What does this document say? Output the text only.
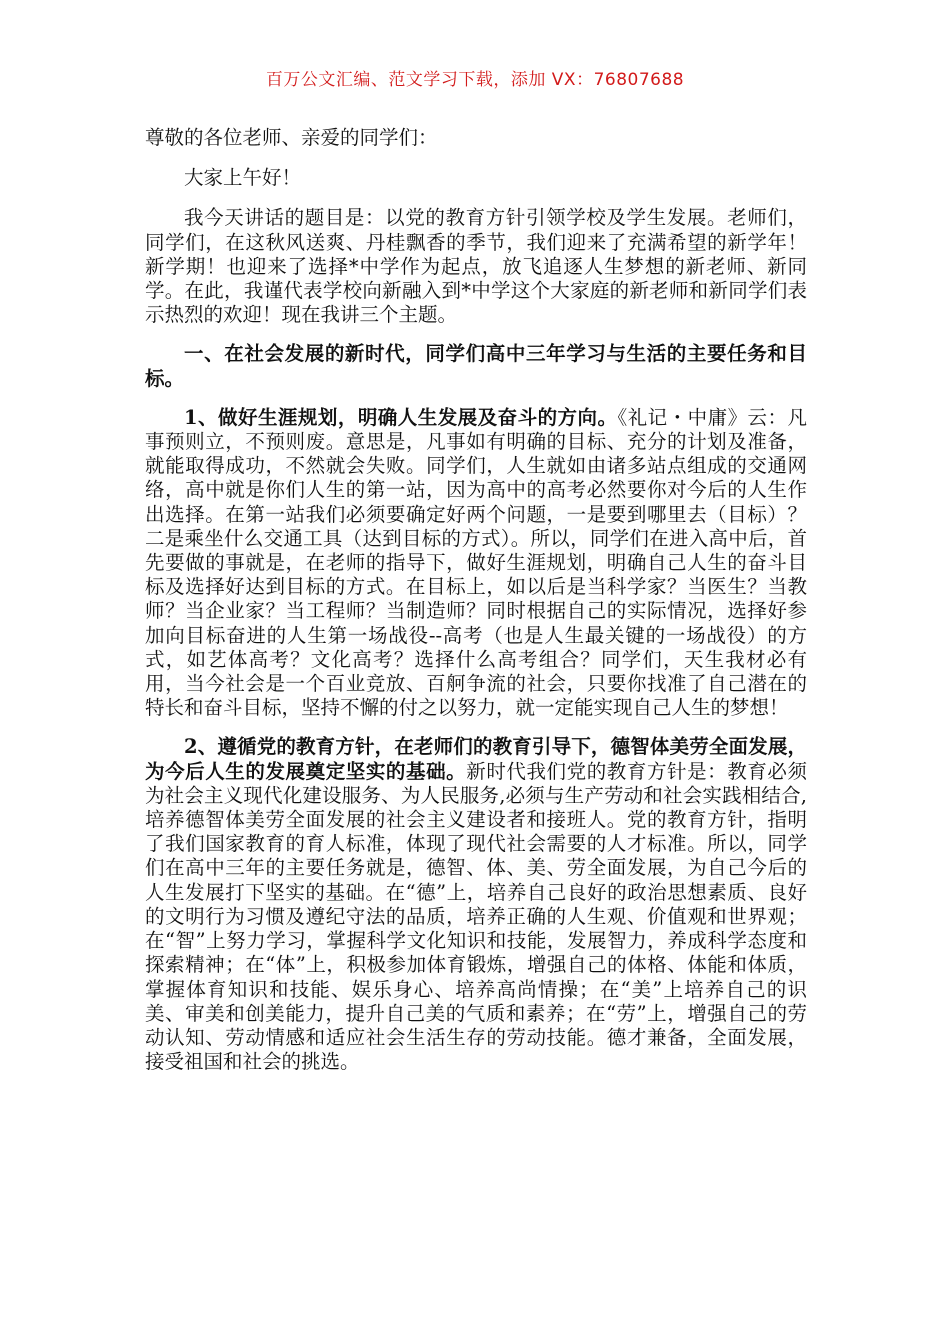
百万公文汇编、范文学习下载，添加 VX：76807688

尊敬的各位老师、亲爱的同学们：

大家上午好！

我今天讲话的题目是：以党的教育方针引领学校及学生发展。老师们，同学们，在这秋风送爽、丹桂飘香的季节，我们迎来了充满希望的新学年！新学期！也迎来了选择*中学作为起点，放飞追逐人生梦想的新老师、新同学。在此，我谨代表学校向新融入到*中学这个大家庭的新老师和新同学们表示热烈的欢迎！现在我讲三个主题。

一、在社会发展的新时代，同学们高中三年学习与生活的主要任务和目标。

1、做好生涯规划，明确人生发展及奋斗的方向。《礼记・中庸》云：凡事预则立，不预则废。意思是，凡事如有明确的目标、充分的计划及准备，就能取得成功，不然就会失败。同学们，人生就如由诸多站点组成的交通网络，高中就是你们人生的第一站，因为高中的高考必然要你对今后的人生作出选择。在第一站我们必须要确定好两个问题，一是要到哪里去（目标）？二是乘坐什么交通工具（达到目标的方式）。所以，同学们在进入高中后，首先要做的事就是，在老师的指导下，做好生涯规划，明确自己人生的奋斗目标及选择好达到目标的方式。在目标上，如以后是当科学家？当医生？当教师？当企业家？当工程师？当制造师？同时根据自己的实际情况，选择好参加向目标奋进的人生第一场战役--高考（也是人生最关键的一场战役）的方式，如艺体高考？文化高考？选择什么高考组合？同学们，天生我材必有用，当今社会是一个百业竞放、百舸争流的社会，只要你找准了自己潜在的特长和奋斗目标，坚持不懈的付之以努力，就一定能实现自己人生的梦想！

2、遵循党的教育方针，在老师们的教育引导下，德智体美劳全面发展，为今后人生的发展奠定坚实的基础。新时代我们党的教育方针是：教育必须为社会主义现代化建设服务、为人民服务,必须与生产劳动和社会实践相结合,培养德智体美劳全面发展的社会主义建设者和接班人。党的教育方针，指明了我们国家教育的育人标准，体现了现代社会需要的人才标准。所以，同学们在高中三年的主要任务就是，德智、体、美、劳全面发展，为自己今后的人生发展打下坚实的基础。在“德”上，培养自己良好的政治思想素质、良好的文明行为习惯及遵纪守法的品质，培养正确的人生观、价值观和世界观；在“智”上努力学习，掌握科学文化知识和技能，发展智力，养成科学态度和探索精神；在“体”上，积极参加体育锻炼，增强自己的体格、体能和体质，掌握体育知识和技能、娱乐身心、培养高尚情操；在“美”上培养自己的识美、审美和创美能力，提升自己美的气质和素养；在“劳”上，增强自己的劳动认知、劳动情感和适应社会生活生存的劳动技能。德才兼备，全面发展，接受祖国和社会的挑选。
